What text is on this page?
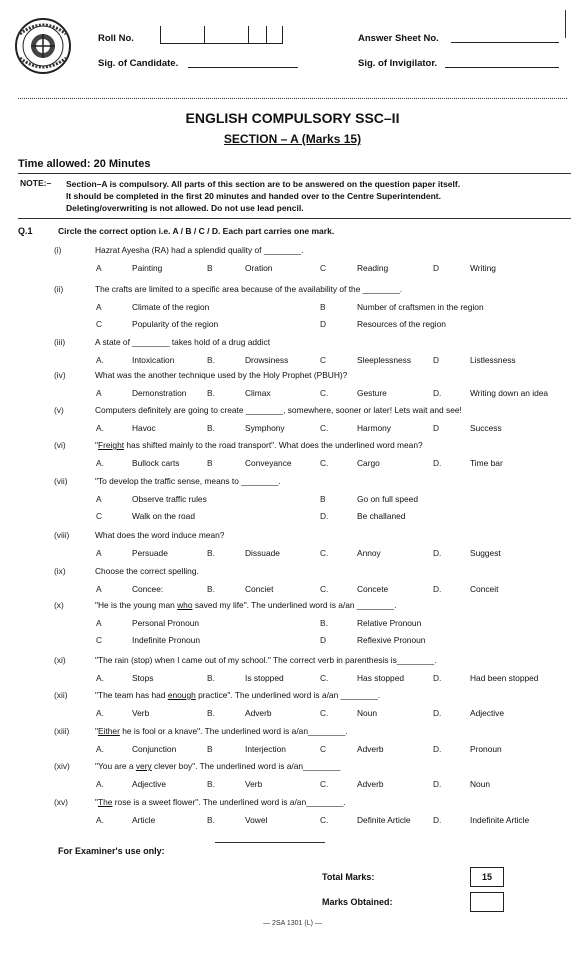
Roll No.
Sig. of Candidate.
Answer Sheet No.
Sig. of Invigilator.
ENGLISH COMPULSORY SSC–II
SECTION – A (Marks 15)
Time allowed: 20 Minutes
NOTE:– Section–A is compulsory. All parts of this section are to be answered on the question paper itself.
It should be completed in the first 20 minutes and handed over to the Centre Superintendent.
Deleting/overwriting is not allowed. Do not use lead pencil.
Q.1	Circle the correct option i.e. A / B / C / D. Each part carries one mark.
(i)	Hazrat Ayesha (RA) had a splendid quality of ________.
A	Painting	B	Oration	C	Reading	D	Writing
(ii)	The crafts are limited to a specific area because of the availability of the ________.
A	Climate of the region	B	Number of craftsmen in the region
C	Popularity of the region	D	Resources of the region
(iii)	A state of ________ takes hold of a drug addict
A.	Intoxication	B.	Drowsiness	C	Sleeplessness	D	Listlessness
(iv)	What was the another technique used by the Holy Prophet (PBUH)?
A	Demonstration B.	Climax	C.	Gesture	D.	Writing down an idea
(v)	Computers definitely are going to create ________, somewhere, sooner or later! Lets wait and see!
A.	Havoc	B.	Symphony	C.	Harmony	D	Success
(vi)	"Freight has shifted mainly to the road transport". What does the underlined word mean?
A.	Bullock carts	B	Conveyance	C.	Cargo	D.	Time bar
(vii)	"To develop the traffic sense, means to ________.
A	Observe traffic rules	B	Go on full speed
C	Walk on the road	D.	Be challaned
(viii)	What does the word induce mean?
A	Persuade	B.	Dissuade	C.	Annoy	D.	Suggest
(ix)	Choose the correct spelling.
A	Concee:	B.	Conciet	C.	Concete	D.	Conceit
(x)	"He is the young man who saved my life". The underlined word is a/an ________.
A	Personal Pronoun	B.	Relative Pronoun
C	Indefinite Pronoun	D	Reflexive Pronoun
(xi)	"The rain (stop) when I came out of my school." The correct verb in parenthesis is________.
A.	Stops	B.	Is stopped	C.	Has stopped	D.	Had been stopped
(xii)	"The team has had enough practice". The underlined word is a/an ________.
A.	Verb	B.	Adverb	C.	Noun	D.	Adjective
(xiii)	"Either he is fool or a knave". The underlined word is a/an________.
A.	Conjunction	B	Interjection	C	Adverb	D.	Pronoun
(xiv)	"You are a very clever boy". The underlined word is a/an________
A.	Adjective	B.	Verb	C.	Adverb	D.	Noun
(xv)	"The rose is a sweet flower". The underlined word is a/an________.
A.	Article	B.	Vowel	C.	Definite Article	D.	Indefinite Article
For Examiner's use only:
Total Marks:	15
Marks Obtained:
— 2SA 1301 (L) —
